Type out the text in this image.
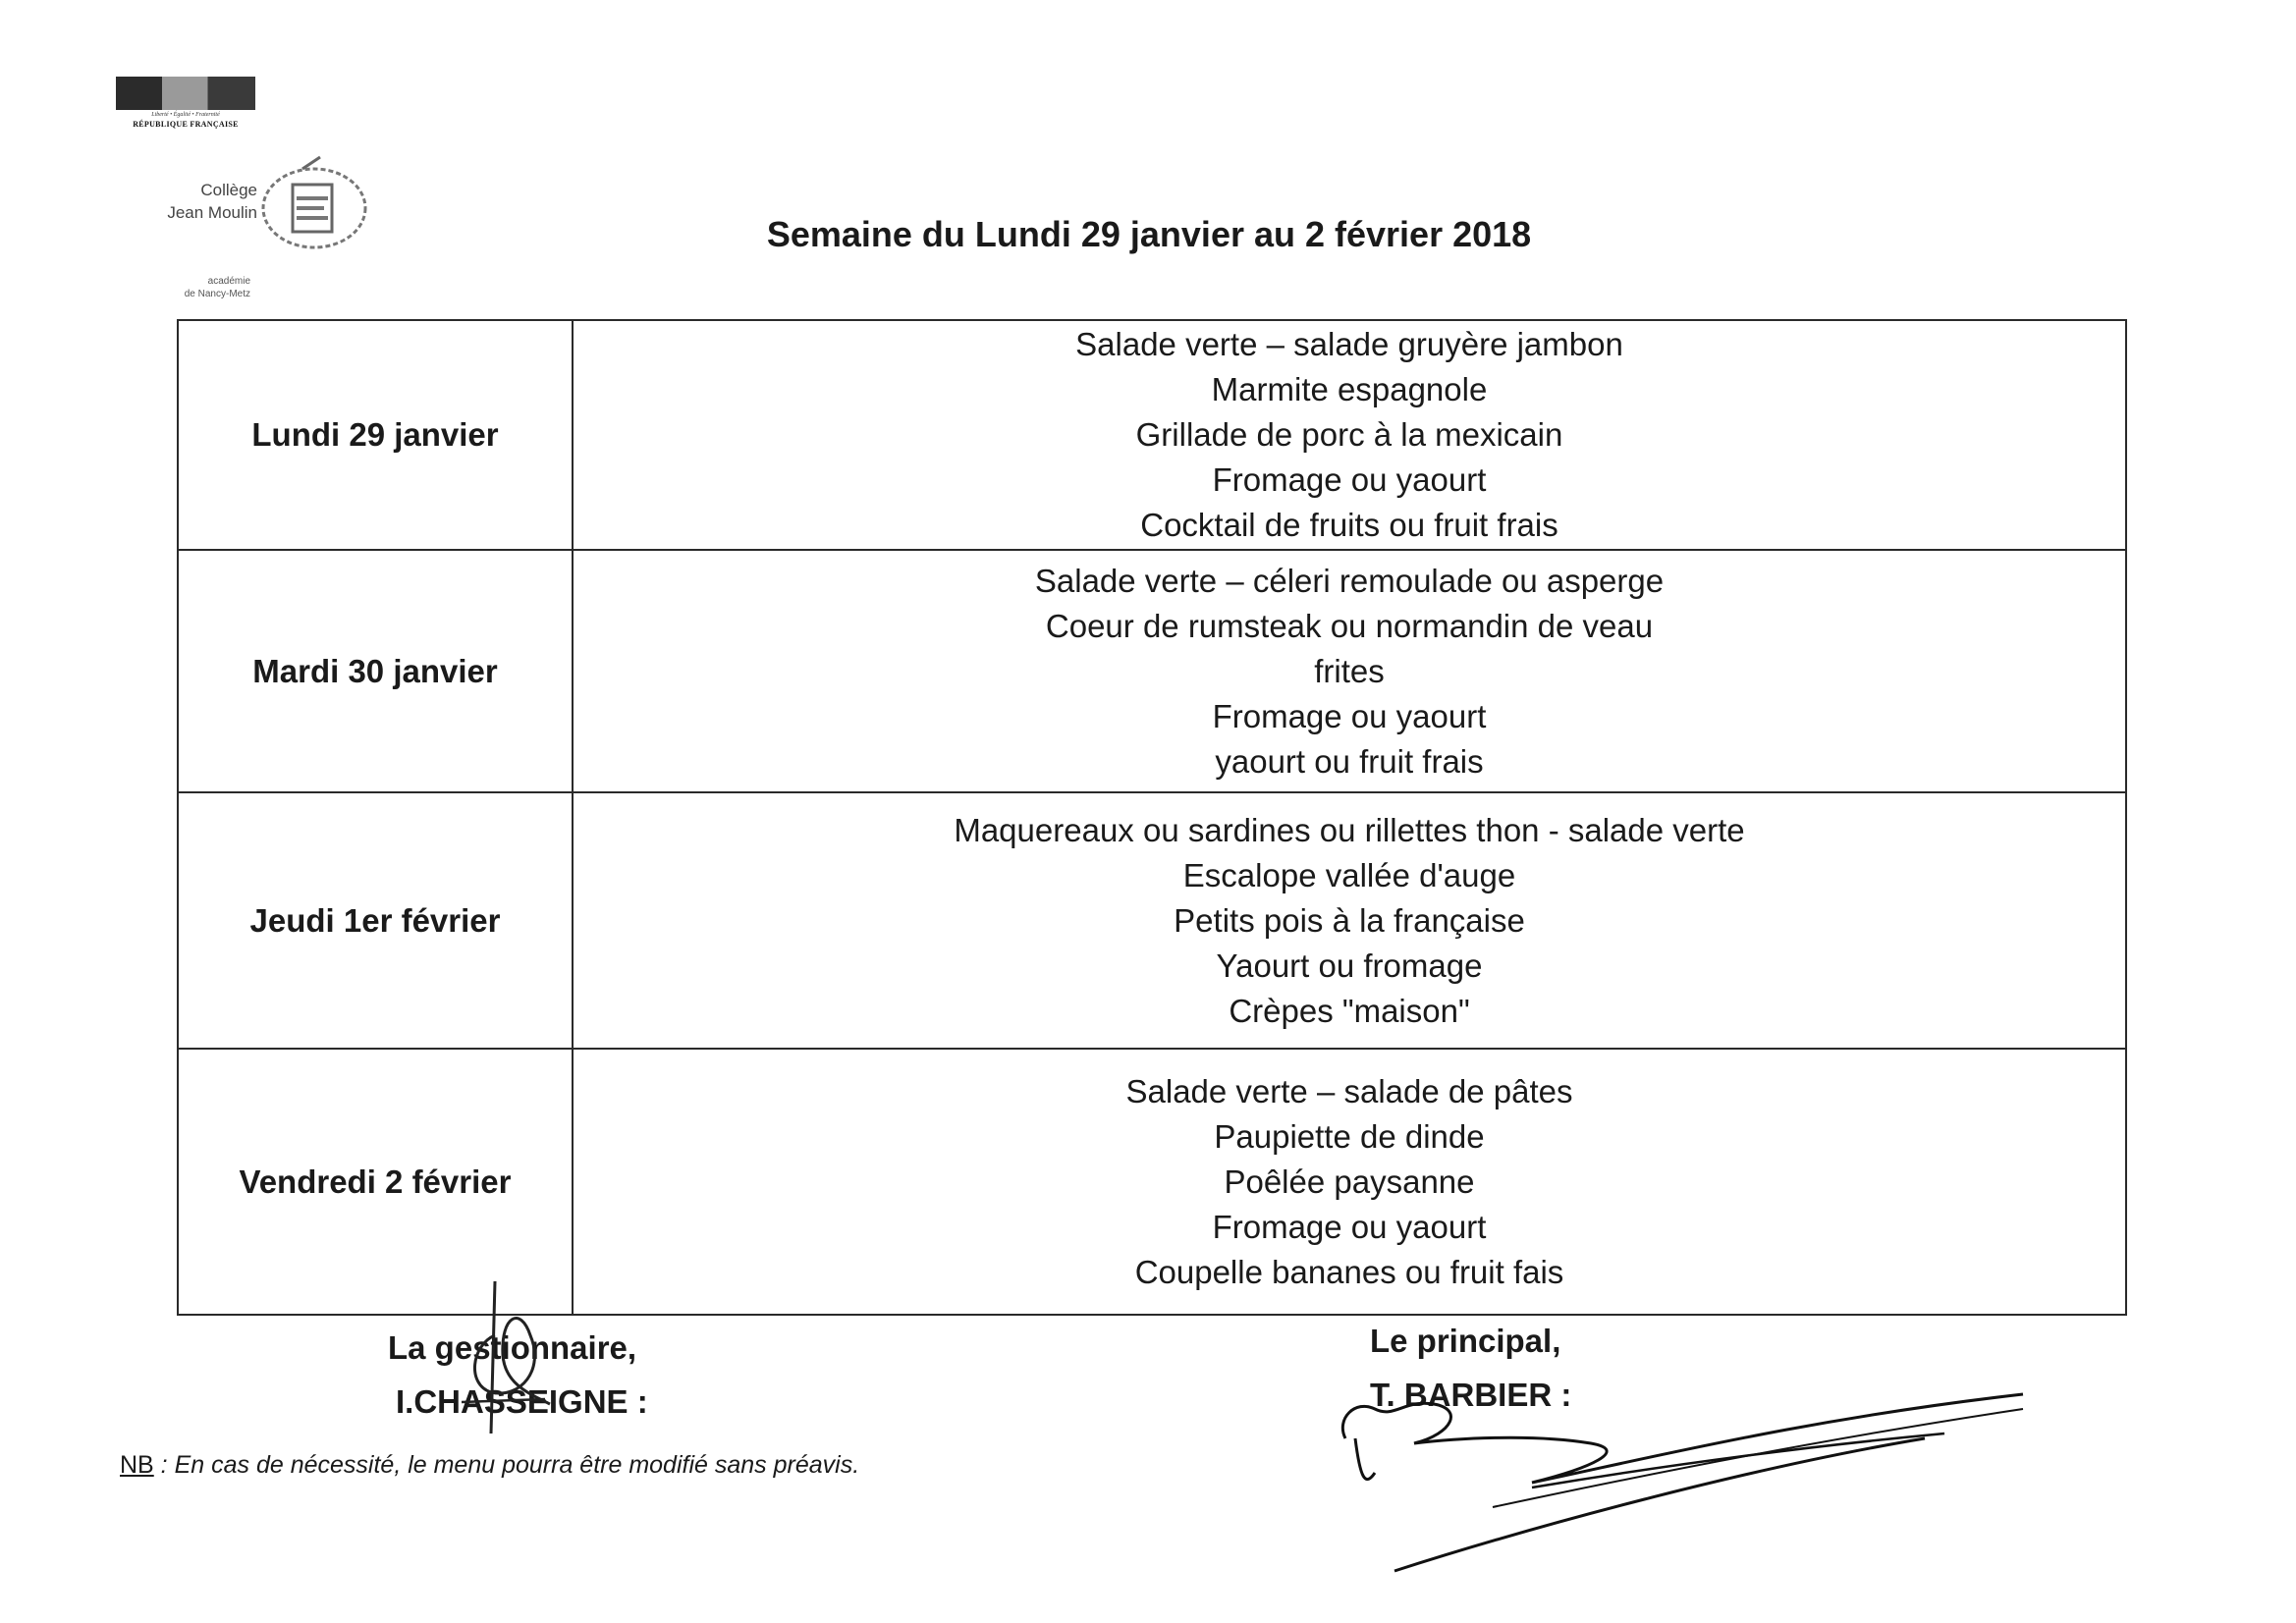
Liberté • Égalité • Fraternité
RÉPUBLIQUE FRANÇAISE
Collège
Jean Moulin
académie
de Nancy-Metz
Semaine du Lundi 29 janvier au 2 février 2018
Lundi 29 janvier	Salade verte – salade gruyère jambon
Marmite espagnole
Grillade de porc à la mexicain
Fromage ou yaourt
Cocktail de fruits ou fruit frais

Mardi 30 janvier	Salade verte – céleri remoulade ou asperge
Coeur de rumsteak ou normandin de veau
frites
Fromage ou yaourt
yaourt ou fruit frais

Jeudi 1er février	Maquereaux ou sardines ou rillettes thon - salade verte
Escalope vallée d'auge
Petits pois à la française
Yaourt ou fromage
Crèpes "maison"

Vendredi 2 février	Salade verte – salade de pâtes
Paupiette de dinde
Poêlée paysanne
Fromage ou yaourt
Coupelle bananes ou fruit fais
La gestionnaire,
I.CHASSEIGNE :
Le principal,
T. BARBIER :
NB : En cas de nécessité, le menu pourra être modifié sans préavis.
